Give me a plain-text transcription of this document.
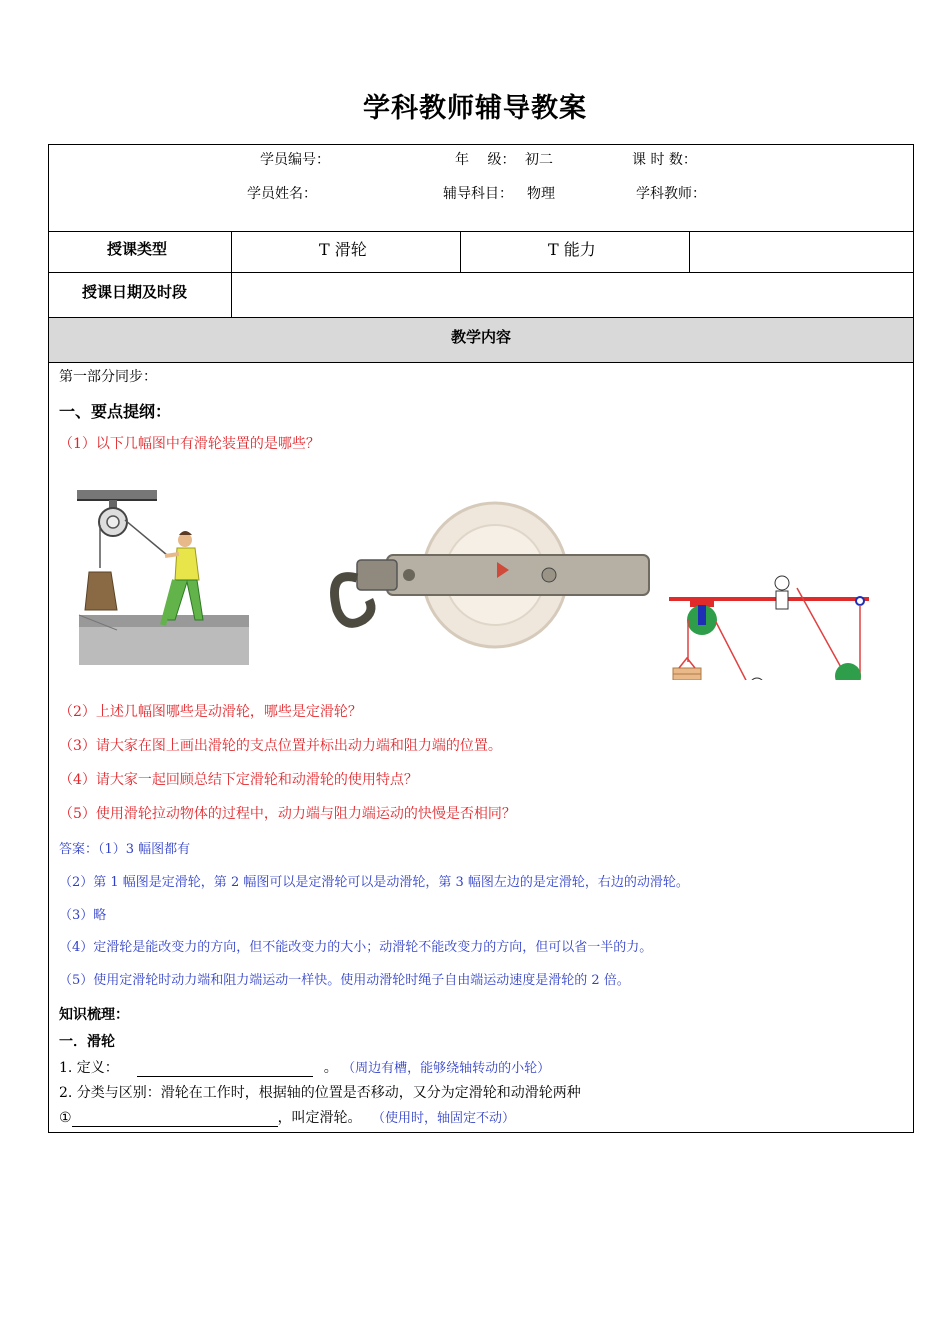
学科教师辅导教案
学员编号：	年　 级： 初二	课 时 数：
学员姓名：	辅导科目： 物理	学科教师：
授课类型	T 滑轮	T 能力
授课日期及时段
教学内容
第一部分同步：
一、要点提纲：
（1）以下几幅图中有滑轮装置的是哪些？
（2）上述几幅图哪些是动滑轮，哪些是定滑轮？
（3）请大家在图上画出滑轮的支点位置并标出动力端和阻力端的位置。
（4）请大家一起回顾总结下定滑轮和动滑轮的使用特点？
（5）使用滑轮拉动物体的过程中，动力端与阻力端运动的快慢是否相同？
答案：（1）3 幅图都有
（2）第 1 幅图是定滑轮，第 2 幅图可以是定滑轮可以是动滑轮，第 3 幅图左边的是定滑轮，右边的动滑轮。
（3）略
（4）定滑轮是能改变力的方向，但不能改变力的大小；动滑轮不能改变力的方向，但可以省一半的力。
（5）使用定滑轮时动力端和阻力端运动一样快。使用动滑轮时绳子自由端运动速度是滑轮的 2 倍。
知识梳理：
一．滑轮
1. 定义：	。 （周边有槽，能够绕轴转动的小轮）
2. 分类与区别：滑轮在工作时，根据轴的位置是否移动，又分为定滑轮和动滑轮两种
①	，叫定滑轮。 （使用时，轴固定不动）
